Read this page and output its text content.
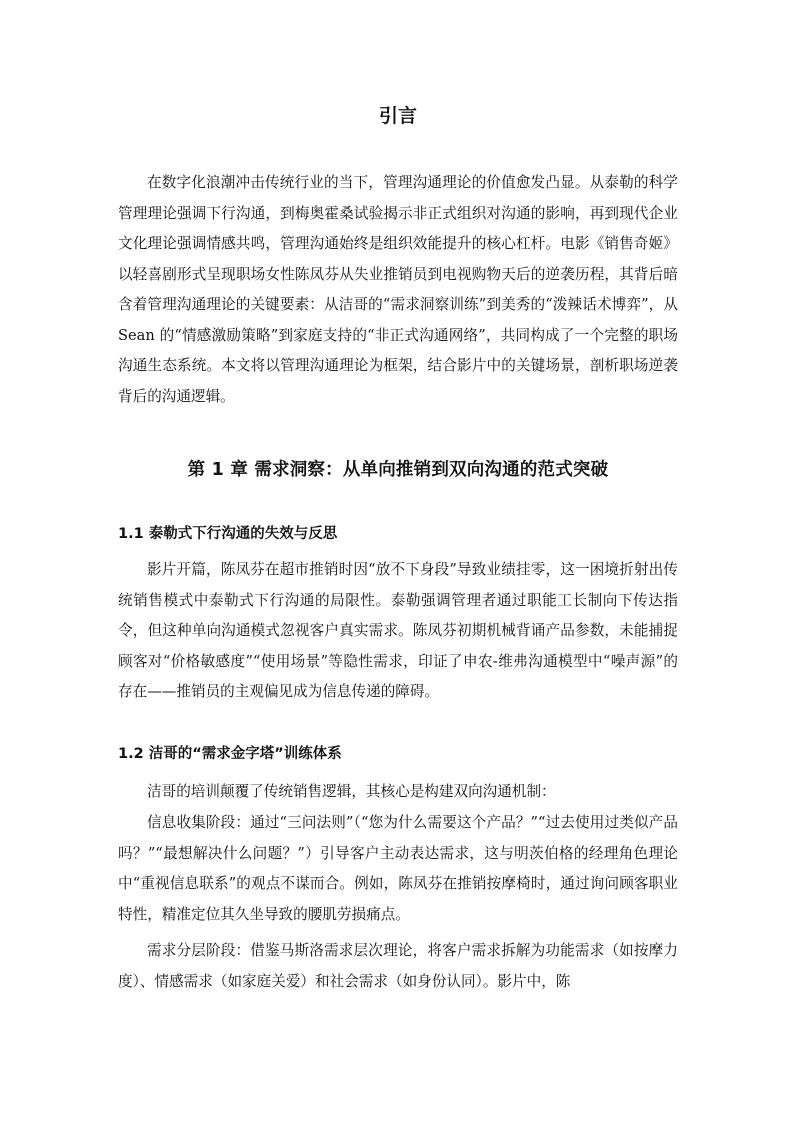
引言

在数字化浪潮冲击传统行业的当下，管理沟通理论的价值愈发凸显。从泰勒的科学管理理论强调下行沟通，到梅奥霍桑试验揭示非正式组织对沟通的影响，再到现代企业文化理论强调情感共鸣，管理沟通始终是组织效能提升的核心杠杆。电影《销售奇姬》以轻喜剧形式呈现职场女性陈凤芬从失业推销员到电视购物天后的逆袭历程，其背后暗含着管理沟通理论的关键要素：从洁哥的“需求洞察训练”到美秀的“泼辣话术博弈”，从 Sean 的“情感激励策略”到家庭支持的“非正式沟通网络”，共同构成了一个完整的职场沟通生态系统。本文将以管理沟通理论为框架，结合影片中的关键场景，剖析职场逆袭背后的沟通逻辑。

第 1 章 需求洞察：从单向推销到双向沟通的范式突破
1.1 泰勒式下行沟通的失效与反思

影片开篇，陈凤芬在超市推销时因“放不下身段”导致业绩挂零，这一困境折射出传统销售模式中泰勒式下行沟通的局限性。泰勒强调管理者通过职能工长制向下传达指令，但这种单向沟通模式忽视客户真实需求。陈凤芬初期机械背诵产品参数，未能捕捉顾客对“价格敏感度”“使用场景”等隐性需求，印证了申农-维弗沟通模型中“噪声源”的存在——推销员的主观偏见成为信息传递的障碍。

1.2 洁哥的“需求金字塔”训练体系

洁哥的培训颠覆了传统销售逻辑，其核心是构建双向沟通机制：

信息收集阶段：通过“三问法则”（“您为什么需要这个产品？”“过去使用过类似产品吗？”“最想解决什么问题？”）引导客户主动表达需求，这与明茨伯格的经理角色理论中“重视信息联系”的观点不谋而合。例如，陈凤芬在推销按摩椅时，通过询问顾客职业特性，精准定位其久坐导致的腰肌劳损痛点。

需求分层阶段：借鉴马斯洛需求层次理论，将客户需求拆解为功能需求（如按摩力度）、情感需求（如家庭关爱）和社会需求（如身份认同）。影片中，陈
